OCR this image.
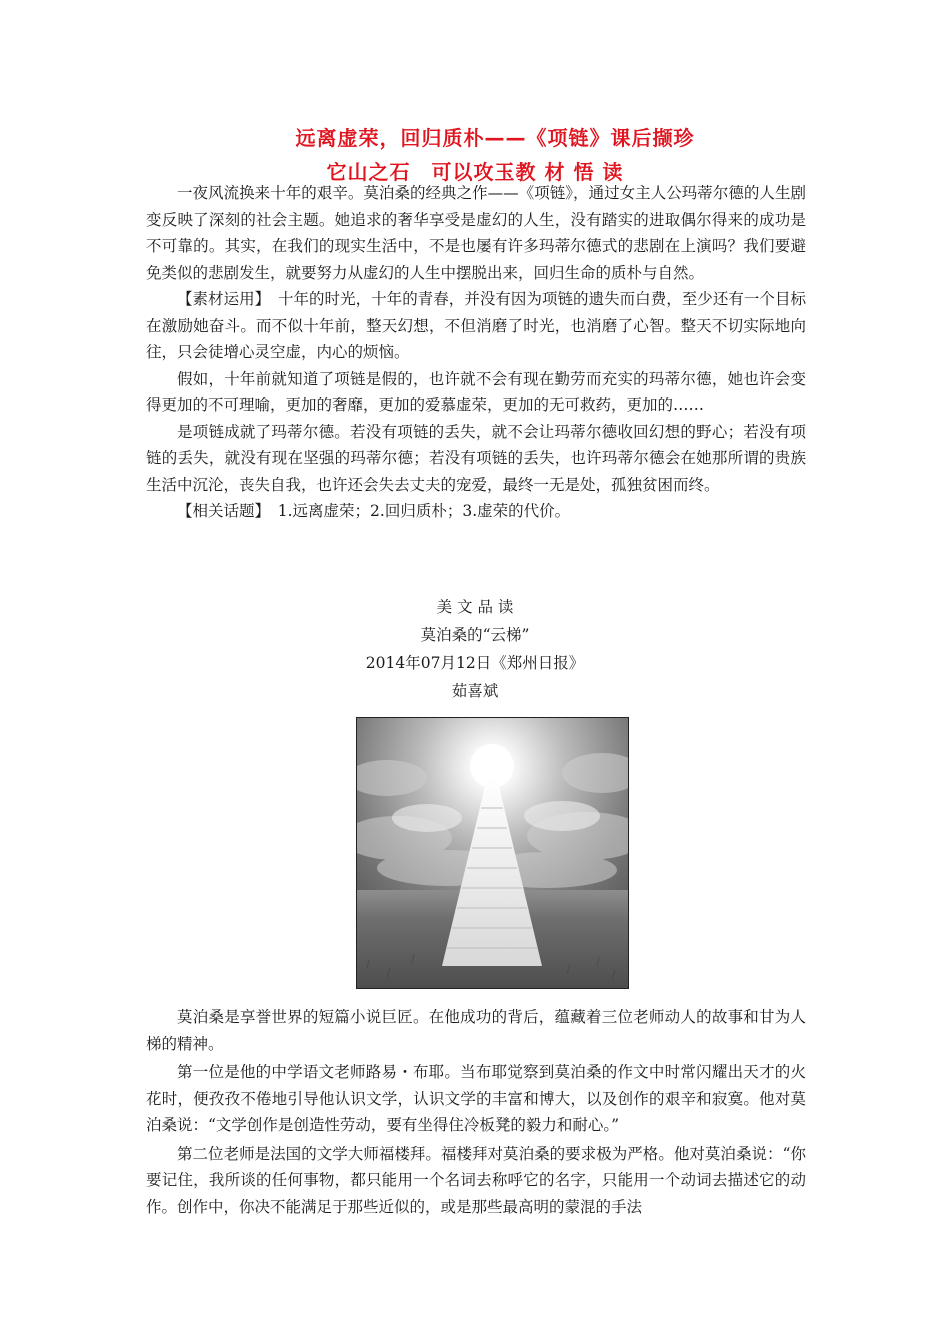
远离虚荣，回归质朴——《项链》课后撷珍
它山之石　可以攻玉教 材 悟 读

一夜风流换来十年的艰辛。莫泊桑的经典之作——《项链》，通过女主人公玛蒂尔德的人生剧变反映了深刻的社会主题。她追求的奢华享受是虚幻的人生，没有踏实的进取偶尔得来的成功是不可靠的。其实，在我们的现实生活中，不是也屡有许多玛蒂尔德式的悲剧在上演吗？我们要避免类似的悲剧发生，就要努力从虚幻的人生中摆脱出来，回归生命的质朴与自然。

【素材运用】　十年的时光，十年的青春，并没有因为项链的遗失而白费，至少还有一个目标在激励她奋斗。而不似十年前，整天幻想，不但消磨了时光，也消磨了心智。整天不切实际地向往，只会徒增心灵空虚，内心的烦恼。

假如，十年前就知道了项链是假的，也许就不会有现在勤劳而充实的玛蒂尔德，她也许会变得更加的不可理喻，更加的奢靡，更加的爱慕虚荣，更加的无可救药，更加的……

是项链成就了玛蒂尔德。若没有项链的丢失，就不会让玛蒂尔德收回幻想的野心；若没有项链的丢失，就没有现在坚强的玛蒂尔德；若没有项链的丢失，也许玛蒂尔德会在她那所谓的贵族生活中沉沦，丧失自我，也许还会失去丈夫的宠爱，最终一无是处，孤独贫困而终。

【相关话题】　1.远离虚荣；2.回归质朴；3.虚荣的代价。

美 文 品 读
莫泊桑的“云梯”
2014年07月12日《郑州日报》
茹喜斌

莫泊桑是享誉世界的短篇小说巨匠。在他成功的背后，蕴藏着三位老师动人的故事和甘为人梯的精神。

第一位是他的中学语文老师路易・布耶。当布耶觉察到莫泊桑的作文中时常闪耀出天才的火花时，便孜孜不倦地引导他认识文学，认识文学的丰富和博大，以及创作的艰辛和寂寞。他对莫泊桑说：“文学创作是创造性劳动，要有坐得住冷板凳的毅力和耐心。”

第二位老师是法国的文学大师福楼拜。福楼拜对莫泊桑的要求极为严格。他对莫泊桑说：“你要记住，我所谈的任何事物，都只能用一个名词去称呼它的名字，只能用一个动词去描述它的动作。创作中，你决不能满足于那些近似的，或是那些最高明的蒙混的手法
